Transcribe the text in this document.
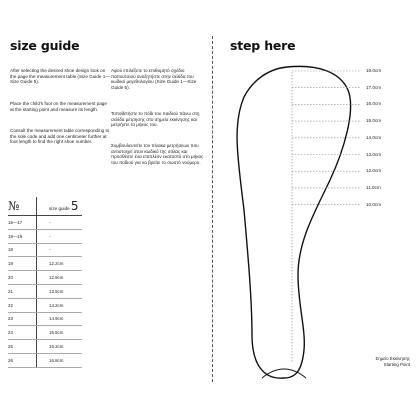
size guide	step here

After selecting the desired shoe design look on the page the measurement table (Size Guide 1—Size Guide 5).

Place the child's foot on the measurement page at the starting point and measure its length.

Consult the measurement table corresponding to the sole code and add one centimeter further at foot length to find the right shoe number.

Αφού επιλέξετε το επιθυμητό σχέδιο παπουτσιού αναζητήστε στην σελίδα του κωδικό μεγεθολογίου (Size Guide 1—Size Guide 5).

Τοποθετήστε το πόδι του παιδιού πάνω στη σελίδα μέτρησης στο σημείο εκκίνησης και μετρήστε το μήκος του.

Συμβουλευτείτε τον πίνακα μετρήσεων που αντιστοιχεί στον κωδικό της σόλας και προσθέστε ένα επιπλέον εκατοστό στο μήκος του ποδιού για να βρείτε το σωστό νούμερο.

№	size guide 5
16—17	-
18—19	-
18	-
19	12.2cm
20	12.9cm
21	13.5cm
22	14.2cm
23	14.9cm
24	15.5cm
25	16.2cm
26	16.8cm
18.0cm
17.0cm
16.0cm
15.0cm
14.0cm
13.0cm
12.0cm
11.0cm
10.0cm
Σημείο Εκκίνησης
Starting Point
